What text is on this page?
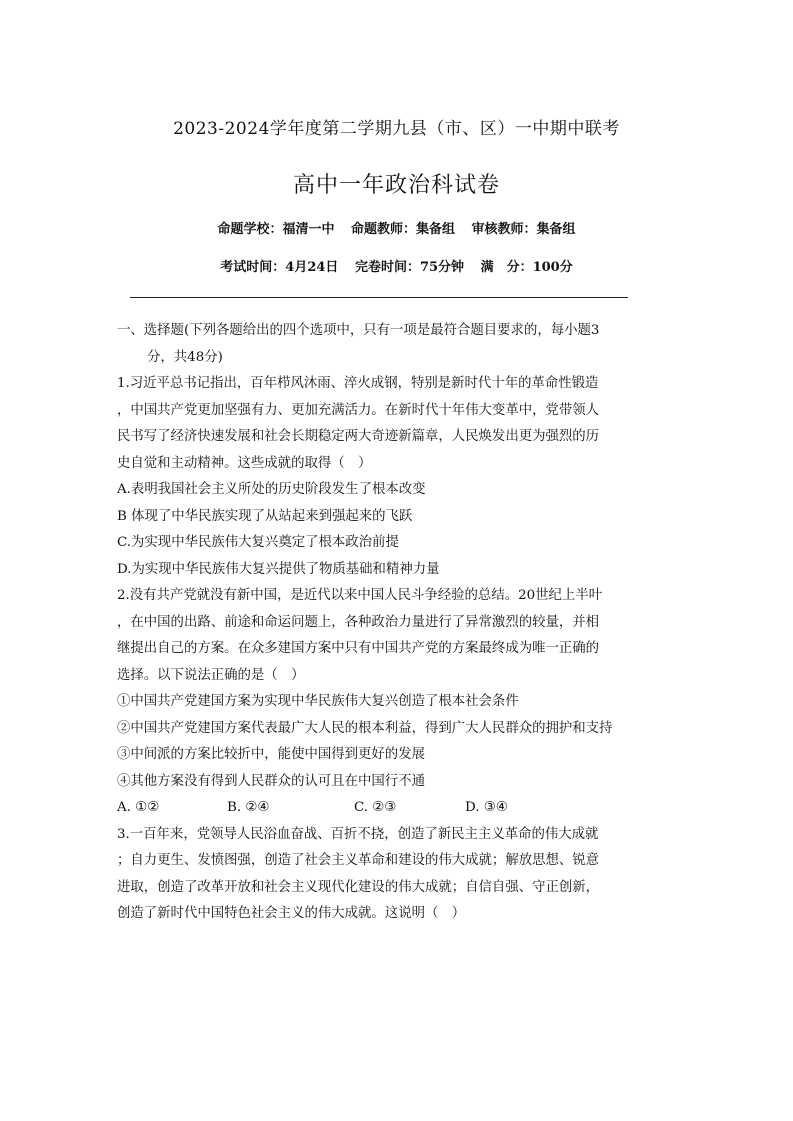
2023-2024学年度第二学期九县（市、区）一中期中联考
高中一年政治科试卷
命题学校：福清一中 命题教师：集备组 审核教师：集备组
考试时间：4月24日 完卷时间：75分钟 满　分：100分
一、选择题(下列各题给出的四个选项中，只有一项是最符合题目要求的，每小题3
分，共48分)
1.习近平总书记指出，百年栉风沐雨、淬火成钢，特别是新时代十年的革命性锻造
，中国共产党更加坚强有力、更加充满活力。在新时代十年伟大变革中，党带领人
民书写了经济快速发展和社会长期稳定两大奇迹新篇章，人民焕发出更为强烈的历
史自觉和主动精神。这些成就的取得（　）
A.表明我国社会主义所处的历史阶段发生了根本改变
B 体现了中华民族实现了从站起来到强起来的飞跃
C.为实现中华民族伟大复兴奠定了根本政治前提
D.为实现中华民族伟大复兴提供了物质基础和精神力量
2.没有共产党就没有新中国，是近代以来中国人民斗争经验的总结。20世纪上半叶
，在中国的出路、前途和命运问题上，各种政治力量进行了异常激烈的较量，并相
继提出自己的方案。在众多建国方案中只有中国共产党的方案最终成为唯一正确的
选择。以下说法正确的是（　）
①中国共产党建国方案为实现中华民族伟大复兴创造了根本社会条件
②中国共产党建国方案代表最广大人民的根本利益，得到广大人民群众的拥护和支持
③中间派的方案比较折中，能使中国得到更好的发展
④其他方案没有得到人民群众的认可且在中国行不通
A. ①②	B. ②④	C. ②③	D. ③④
3.一百年来，党领导人民浴血奋战、百折不挠，创造了新民主主义革命的伟大成就
；自力更生、发愤图强，创造了社会主义革命和建设的伟大成就；解放思想、锐意
进取，创造了改革开放和社会主义现代化建设的伟大成就；自信自强、守正创新，
创造了新时代中国特色社会主义的伟大成就。这说明（　）
